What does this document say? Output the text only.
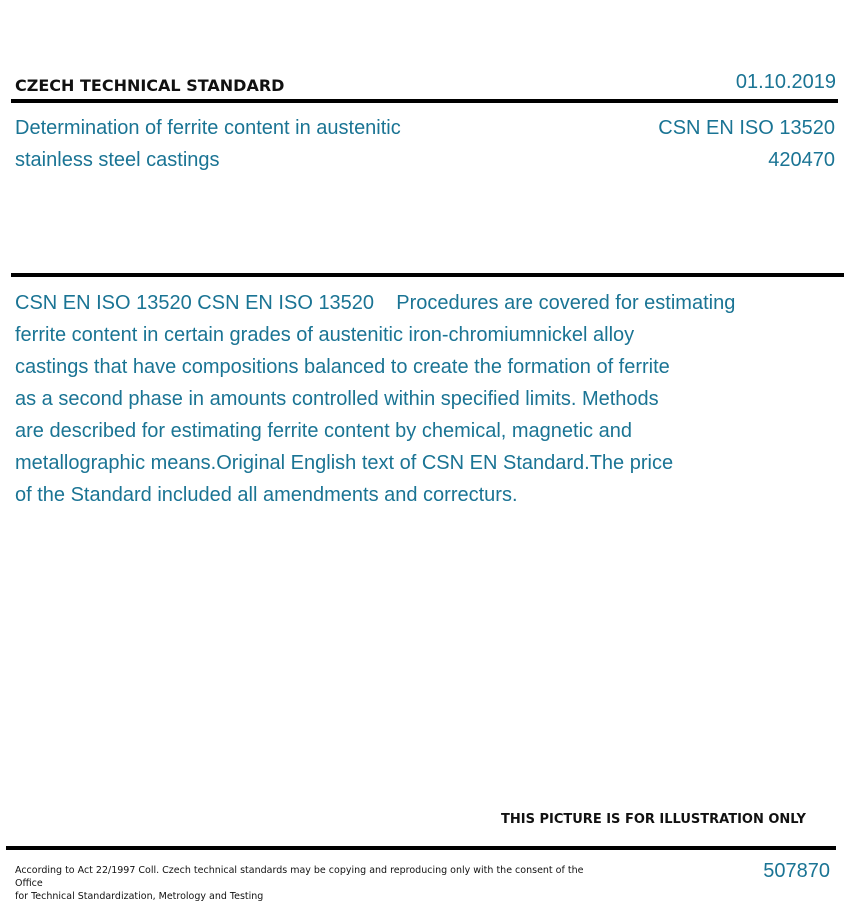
CZECH TECHNICAL STANDARD	01.10.2019
Determination of ferrite content in austenitic
stainless steel castings
CSN EN ISO 13520
420470
CSN EN ISO 13520 CSN EN ISO 13520    Procedures are covered for estimating
ferrite content in certain grades of austenitic iron-chromiumnickel alloy
castings that have compositions balanced to create the formation of ferrite
as a second phase in amounts controlled within specified limits. Methods
are described for estimating ferrite content by chemical, magnetic and
metallographic means.Original English text of CSN EN Standard.The price
of the Standard included all amendments and correcturs.
THIS PICTURE IS FOR ILLUSTRATION ONLY
According to Act 22/1997 Coll. Czech technical standards may be copying and reproducing only with the consent of the Office
for Technical Standardization, Metrology and Testing
507870
